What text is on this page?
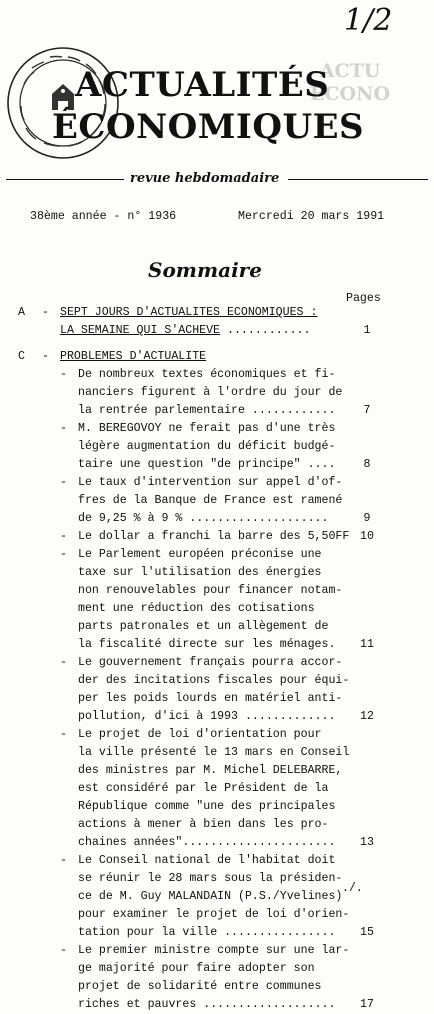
1/2
ACTU
ECONO
ACTUALITÉS
ÉCONOMIQUES
revue hebdomadaire
38ème année - n° 1936	Mercredi 20 mars 1991
Sommaire
Pages
A - SEPT JOURS D'ACTUALITES ECONOMIQUES :
LA SEMAINE QUI S'ACHEVE ............	1
C - PROBLEMES D'ACTUALITE
- De nombreux textes économiques et fi-
nanciers figurent à l'ordre du jour de
la rentrée parlementaire ............	7
- M. BEREGOVOY ne ferait pas d'une très
légère augmentation du déficit budgé-
taire une question "de principe" ....	8
- Le taux d'intervention sur appel d'of-
fres de la Banque de France est ramené
de 9,25 % à 9 % ....................	9
- Le dollar a franchi la barre des 5,50FF 10
- Le Parlement européen préconise une
taxe sur l'utilisation des énergies
non renouvelables pour financer notam-
ment une réduction des cotisations
parts patronales et un allègement de
la fiscalité directe sur les ménages.	11
- Le gouvernement français pourra accor-
der des incitations fiscales pour équi-
per les poids lourds en matériel anti-
pollution, d'ici à 1993 .............	12
- Le projet de loi d'orientation pour
la ville présenté le 13 mars en Conseil
des ministres par M. Michel DELEBARRE,
est considéré par le Président de la
République comme "une des principales
actions à mener à bien dans les pro-
chaines années"......................	13
- Le Conseil national de l'habitat doit
se réunir le 28 mars sous la présiden-
ce de M. Guy MALANDAIN (P.S./Yvelines)
pour examiner le projet de loi d'orien-
tation pour la ville ................	15
- Le premier ministre compte sur une lar-
ge majorité pour faire adopter son
projet de solidarité entre communes
riches et pauvres ...................	17
./.
